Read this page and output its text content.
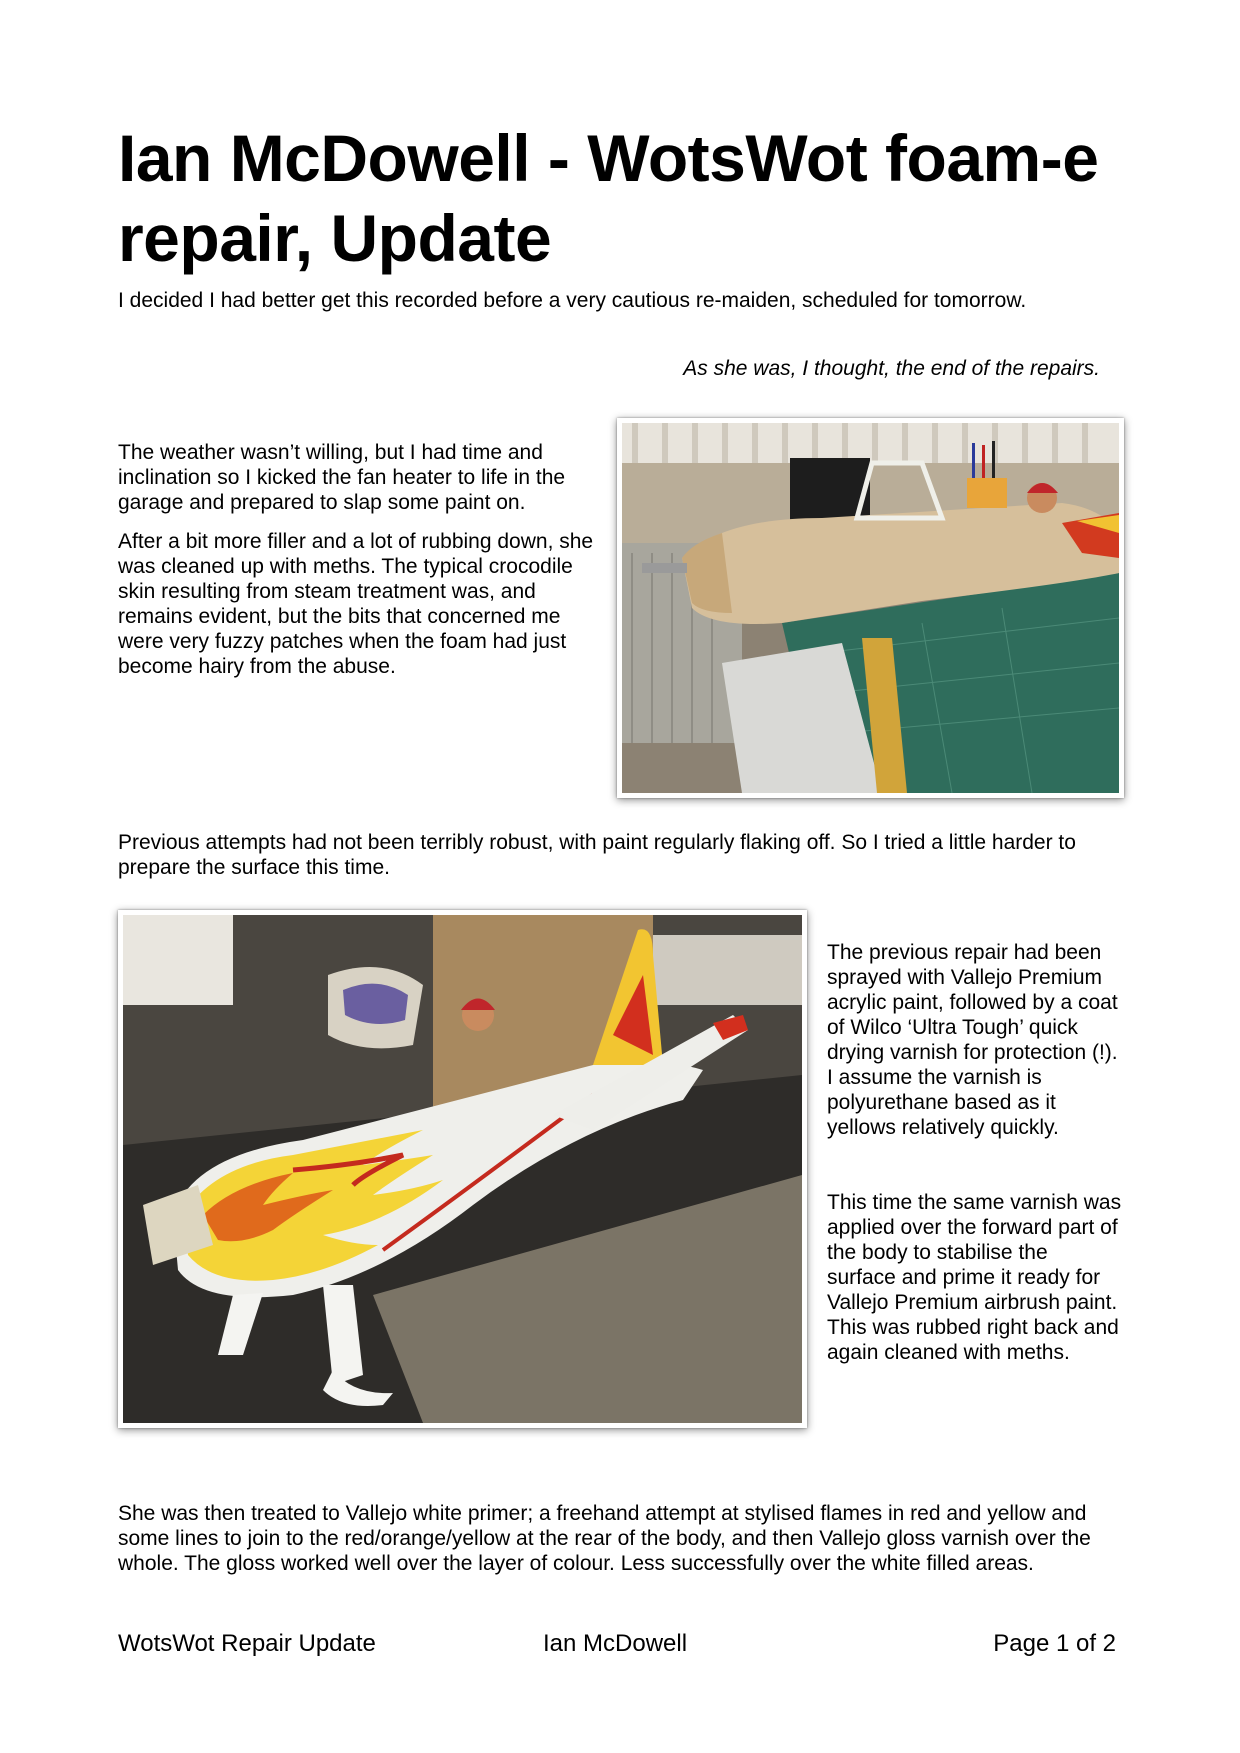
Ian McDowell - WotsWot foam-e repair, Update

I decided I had better get this recorded before a very cautious re-maiden, scheduled for tomorrow.

As she was, I thought, the end of the repairs.

The weather wasn’t willing, but I had time and inclination so I kicked the fan heater to life in the garage and prepared to slap some paint on.

After a bit more filler and a lot of rubbing down, she was cleaned up with meths. The typical crocodile skin resulting from steam treatment was, and remains evident, but the bits that concerned me were very fuzzy patches when the foam had just become hairy from the abuse.

Previous attempts had not been terribly robust, with paint regularly flaking off. So I tried a little harder to prepare the surface this time.

The previous repair had been sprayed with Vallejo Premium acrylic paint, followed by a coat of Wilco ‘Ultra Tough’ quick drying varnish for protection (!). I assume the varnish is polyurethane based as it yellows relatively quickly.

This time the same varnish was applied over the forward part of the body to stabilise the surface and prime it ready for Vallejo Premium airbrush paint. This was rubbed right back and again cleaned with meths.

She was then treated to Vallejo white primer; a freehand attempt at stylised flames in red and yellow and some lines to join to the red/orange/yellow at the rear of the body, and then Vallejo gloss varnish over the whole. The gloss worked well over the layer of colour. Less successfully over the white filled areas.

WotsWot Repair Update	Ian McDowell	Page 1 of 2
